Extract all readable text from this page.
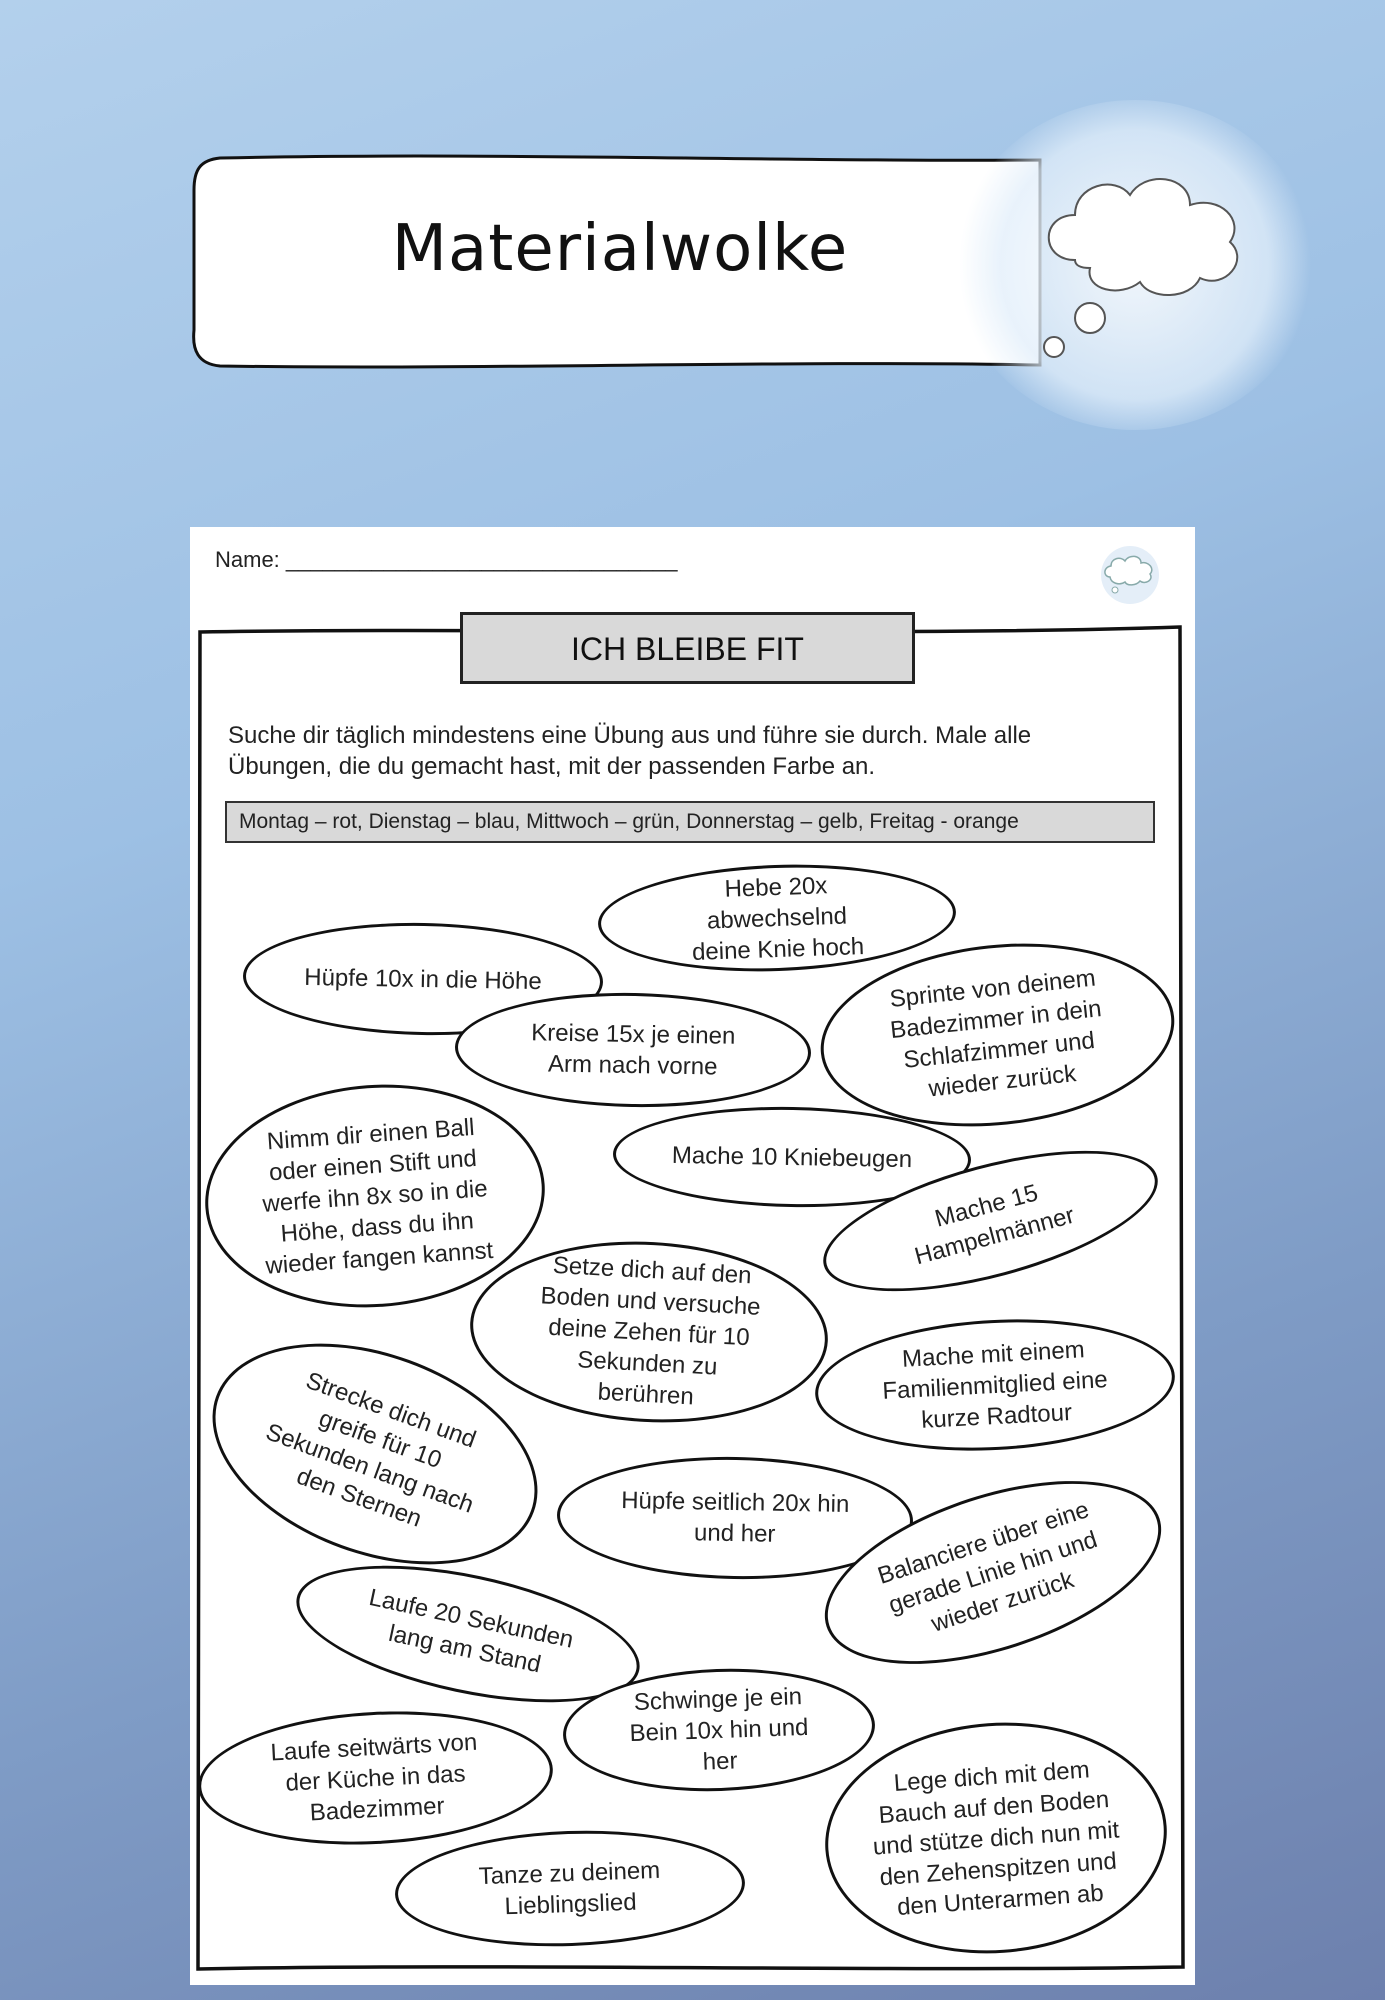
Materialwolke
Name: ________________________________
ICH BLEIBE FIT
Suche dir täglich mindestens eine Übung aus und führe sie durch. Male alle Übungen, die du gemacht hast, mit der passenden Farbe an.
Montag – rot, Dienstag – blau, Mittwoch – grün, Donnerstag – gelb, Freitag - orange
Hebe 20x abwechselnd deine Knie hoch
Hüpfe 10x in die Höhe	Sprinte von deinem Badezimmer in dein Schlafzimmer und wieder zurück
Kreise 15x je einen Arm nach vorne
Nimm dir einen Ball oder einen Stift und werfe ihn 8x so in die Höhe, dass du ihn wieder fangen kannst
Mache 10 Kniebeugen
Mache 15 Hampelmänner
Setze dich auf den Boden und versuche deine Zehen für 10 Sekunden zu berühren
Strecke dich und greife für 10 Sekunden lang nach den Sternen
Mache mit einem Familienmitglied eine kurze Radtour
Hüpfe seitlich 20x hin und her	Balanciere über eine gerade Linie hin und wieder zurück
Laufe 20 Sekunden lang am Stand
Schwinge je ein Bein 10x hin und her
Laufe seitwärts von der Küche in das Badezimmer
Lege dich mit dem Bauch auf den Boden und stütze dich nun mit den Zehenspitzen und den Unterarmen ab
Tanze zu deinem Lieblingslied
